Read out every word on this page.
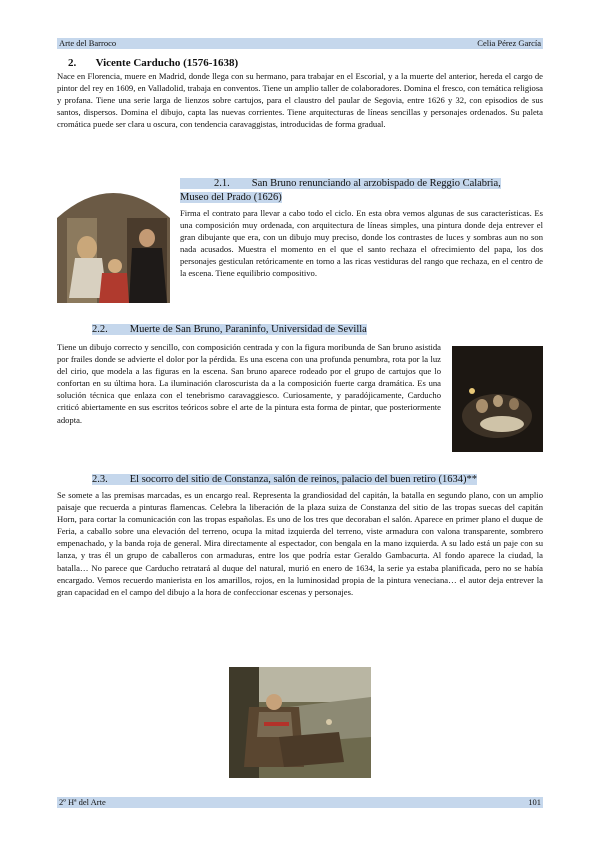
Arte del Barroco	Celia Pérez García
2. Vicente Carducho (1576-1638)

Nace en Florencia, muere en Madrid, donde llega con su hermano, para trabajar en el Escorial, y a la muerte del anterior, hereda el cargo de pintor del rey en 1609, en Valladolid, trabaja en conventos. Tiene un amplio taller de colaboradores. Domina el fresco, con temática religiosa y profana. Tiene una serie larga de lienzos sobre cartujos, para el claustro del paular de Segovia, entre 1626 y 32, con episodios de sus santos, dispersos. Domina el dibujo, capta las nuevas corrientes. Tiene arquitecturas de líneas sencillas y personajes ordenados. Su paleta cromática puede ser clara u oscura, con tendencia caravaggistas, introducidas de forma gradual.

2.1. San Bruno renunciando al arzobispado de Reggio Calabria,
Museo del Prado (1626)

Firma el contrato para llevar a cabo todo el ciclo. En esta obra vemos algunas de sus características. Es una composición muy ordenada, con arquitectura de líneas simples, una pintura donde deja entrever el gran dibujante que era, con un dibujo muy preciso, donde los contrastes de luces y sombras aun no son nada acusados. Muestra el momento en el que el santo rechaza el ofrecimiento del papa, los dos personajes gesticulan retóricamente en torno a las ricas vestiduras del rango que rechaza, en el centro de la escena. Tiene equilibrio compositivo.

2.2. Muerte de San Bruno, Paraninfo, Universidad de Sevilla

Tiene un dibujo correcto y sencillo, con composición centrada y con la figura moribunda de San bruno asistida por frailes donde se advierte el dolor por la pérdida. Es una escena con una profunda penumbra, rota por la luz del cirio, que modela a las figuras en la escena. San bruno aparece rodeado por el grupo de cartujos que lo confortan en su última hora. La iluminación claroscurista da a la composición fuerte carga dramática. Es una solución técnica que enlaza con el tenebrismo caravaggiesco. Curiosamente, y paradójicamente, Carducho criticó abiertamente en sus escritos teóricos sobre el arte de la pintura esta forma de pintar, que posteriormente adopta.

2.3. El socorro del sitio de Constanza, salón de reinos, palacio del buen retiro (1634)**

Se somete a las premisas marcadas, es un encargo real. Representa la grandiosidad del capitán, la batalla en segundo plano, con un amplio paisaje que recuerda a pinturas flamencas. Celebra la liberación de la plaza suiza de Constanza del sitio de las tropas suecas del capitán Horn, para cortar la comunicación con las tropas españolas. Es uno de los tres que decoraban el salón. Aparece en primer plano el duque de Feria, a caballo sobre una elevación del terreno, ocupa la mitad izquierda del terreno, viste armadura con valona transparente, sombrero empenachado, y la banda roja de general. Mira directamente al espectador, con bengala en la mano izquierda. A su lado está un paje con su lanza, y tras él un grupo de caballeros con armaduras, entre los que podría estar Geraldo Gambacurta. Al fondo aparece la ciudad, la batalla… No parece que Carducho retratará al duque del natural, murió en enero de 1634, la serie ya estaba planificada, pero no se había encargado. Vemos recuerdo manierista en los amarillos, rojos, en la luminosidad propia de la pintura veneciana… el autor deja entrever la gran capacidad en el campo del dibujo a la hora de confeccionar escenas y personajes.

2º Hª del Arte	101
